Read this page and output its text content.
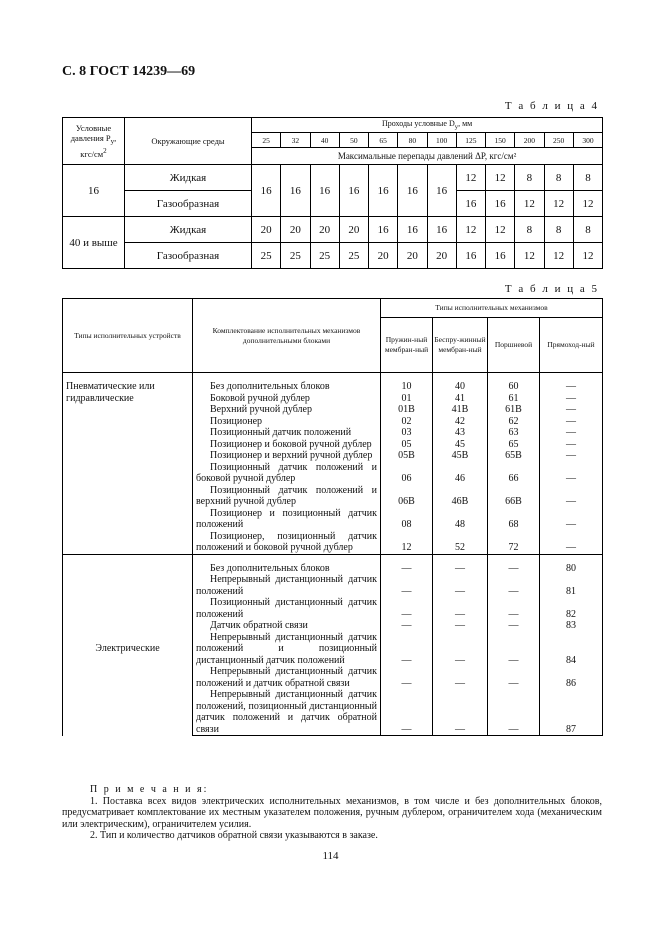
С. 8 ГОСТ 14239—69
Т а б л и ц а 4
Условные давления $P_у$, кгс/$см^2$	Окружающие среды	Проходы условные $D_у$, мм											
		25	32	40	50	65	80	100	125	150	200	250	300
		Максимальные перепады давлений ΔP, кгс/см²											
16	Жидкая	16	16	16	16	16	16	16	12	12	8	8	8
	Газообразная								16	16	12	12	12
40 и выше	Жидкая	20	20	20	20	16	16	16	12	12	8	8	8
	Газообразная	25	25	25	25	20	20	20	16	16	12	12	12
Т а б л и ц а 5
Типы исполнительных устройств	Комплектование исполнительных механизмов дополнительными блоками	Типы исполнительных механизмов			
		Пружин-ный мембран-ный	Беспру-жинный мембран-ный	Поршневой	Прямоход-ный
Пневматические или гидравлические	Без дополнительных блоков	10	40	60	—
	Боковой ручной дублер	01	41	61	—
	Верхний ручной дублер	01В	41В	61В	—
	Позиционер	02	42	62	—
	Позиционный датчик положений	03	43	63	—
	Позиционер и боковой ручной дублер	05	45	65	—
	Позиционер и верхний ручной дублер	05В	45В	65В	—
	Позиционный датчик положений и боковой ручной дублер	06	46	66	—
	Позиционный датчик положений и верхний ручной дублер	06В	46В	66В	—
	Позиционер и позиционный датчик положений	08	48	68	—
	Позиционер, позиционный датчик положений и боковой ручной дублер	12	52	72	—
Электрические	Без дополнительных блоков	—	—	—	80
	Непрерывный дистанционный датчик положений	—	—	—	81
	Позиционный дистанционный датчик положений	—	—	—	82
	Датчик обратной связи	—	—	—	83
	Непрерывный дистанционный датчик положений и позиционный дистанционный датчик положений	—	—	—	84
	Непрерывный дистанционный датчик положений и датчик обратной связи	—	—	—	86
	Непрерывный дистанционный датчик положений, позиционный дистанционный датчик положений и датчик обратной связи	—	—	—	87
П р и м е ч а н и я:

1. Поставка всех видов электрических исполнительных механизмов, в том числе и без дополнительных блоков, предусматривает комплектование их местным указателем положения, ручным дублером, ограничителем хода (механическим или электрическим), ограничителем усилия.

2. Тип и количество датчиков обратной связи указываются в заказе.

114
